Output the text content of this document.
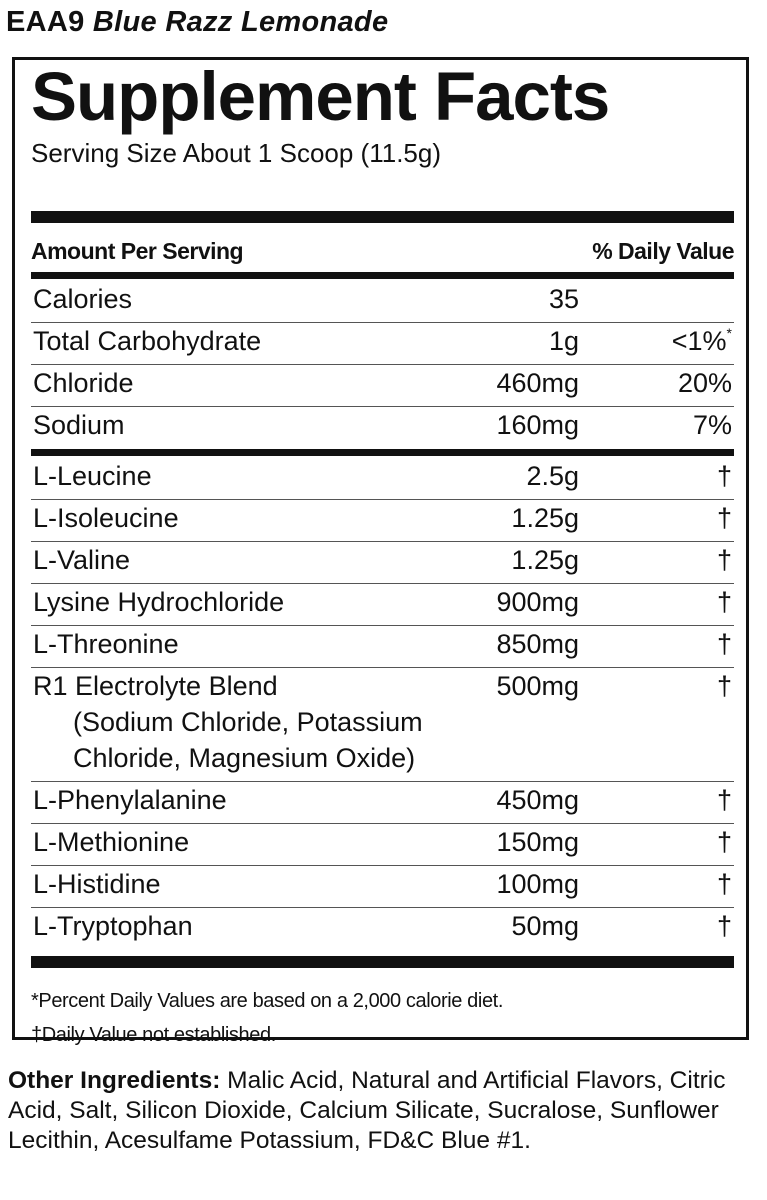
EAA9 Blue Razz Lemonade
Supplement Facts
Serving Size About 1 Scoop (11.5g)
Amount Per Serving	% Daily Value
Calories	35
Total Carbohydrate	1g	<1%*
Chloride	460mg	20%
Sodium	160mg	7%
L-Leucine	2.5g	†
L-Isoleucine	1.25g	†
L-Valine	1.25g	†
Lysine Hydrochloride	900mg	†
L-Threonine	850mg	†
R1 Electrolyte Blend	500mg	†
(Sodium Chloride, Potassium
Chloride, Magnesium Oxide)
L-Phenylalanine	450mg	†
L-Methionine	150mg	†
L-Histidine	100mg	†
L-Tryptophan	50mg	†
*Percent Daily Values are based on a 2,000 calorie diet.
†Daily Value not established.
Other Ingredients: Malic Acid, Natural and Artificial Flavors, Citric Acid, Salt, Silicon Dioxide, Calcium Silicate, Sucralose, Sunflower Lecithin, Acesulfame Potassium, FD&C Blue #1.
